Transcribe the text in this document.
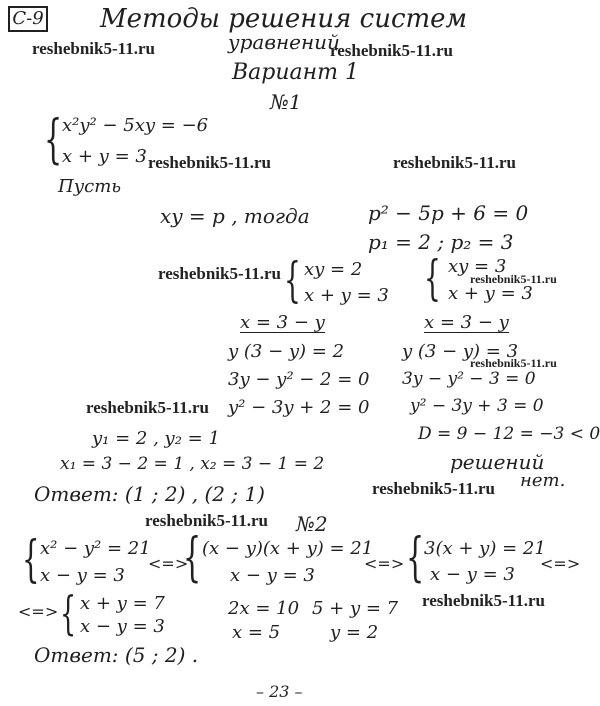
С-9 Методы решения систем
уравнений
Вариант 1
№1
reshebnik5-11.ru	reshebnik5-11.ru
reshebnik5-11.ru	reshebnik5-11.ru
reshebnik5-11.ru	reshebnik5-11.ru
reshebnik5-11.ru
reshebnik5-11.ru
reshebnik5-11.ru
reshebnik5-11.ru
reshebnik5-11.ru
{ x²y² − 5xy = −6
x + y = 3
Пусть
xy = p , тогда	p² − 5p + 6 = 0
p₁ = 2 ; p₂ = 3
{ xy = 2
x + y = 3
x = 3 − y
y (3 − y) = 2
3y − y² − 2 = 0
y² − 3y + 2 = 0
y₁ = 2 , y₂ = 1
x₁ = 3 − 2 = 1 , x₂ = 3 − 1 = 2
{ xy = 3
x + y = 3
x = 3 − y
y (3 − y) = 3
3y − y² − 3 = 0
y² − 3y + 3 = 0
D = 9 − 12 = −3 < 0
решений
нет.
Ответ: (1 ; 2) , (2 ; 1)
№2
{ x² − y² = 21
x − y = 3
<=>
{ (x − y)(x + y) = 21
x − y = 3
<=> { 3(x + y) = 21
x − y = 3
<=>
<=> { x + y = 7
x − y = 3
2x = 10
x = 5
5 + y = 7
y = 2
Ответ: (5 ; 2) .
– 23 –
